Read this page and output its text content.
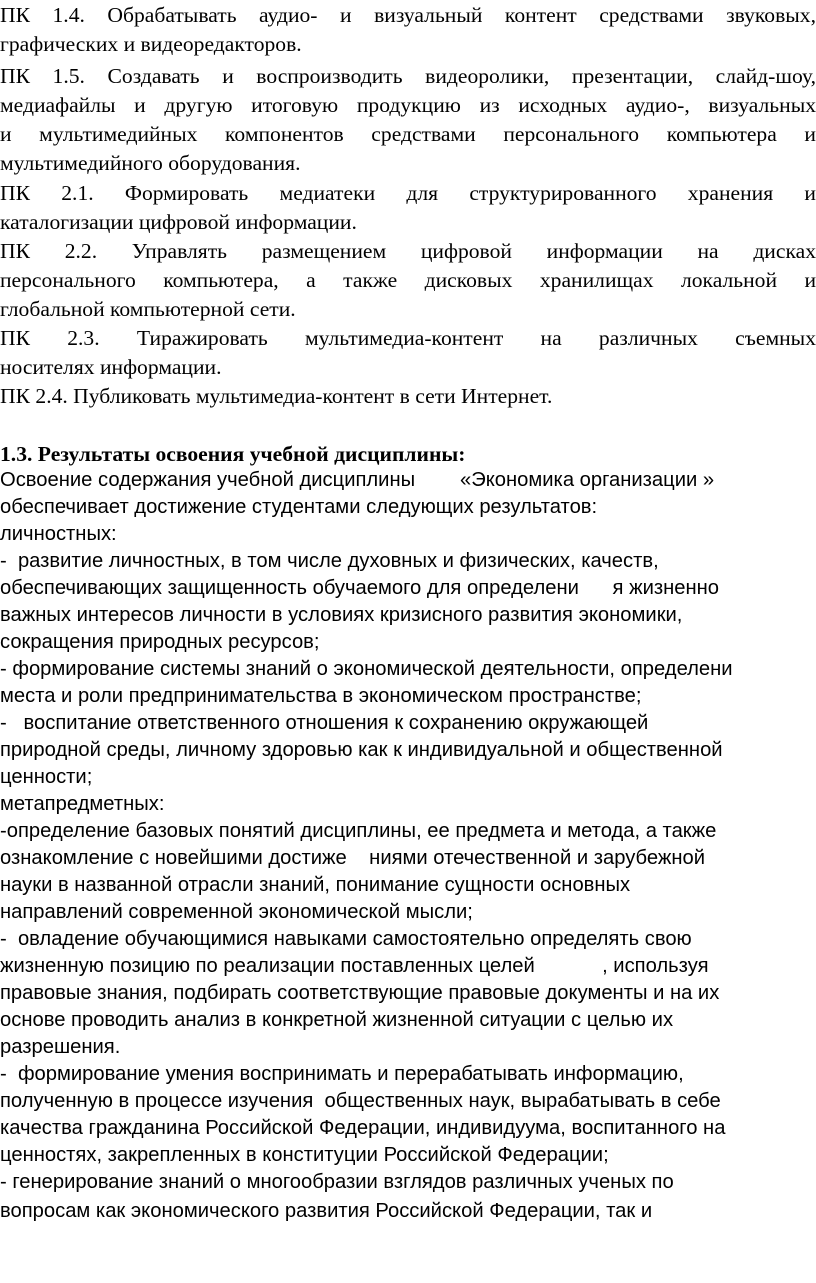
ПК 1.4. Обрабатывать аудио- и визуальный контент средствами звуковых,
графических и видеоредакторов.
ПК 1.5. Создавать и воспроизводить видеоролики, презентации, слайд-шоу,
медиафайлы и другую итоговую продукцию из исходных аудио-, визуальных
и мультимедийных компонентов средствами персонального компьютера и
мультимедийного оборудования.
ПК 2.1. Формировать медиатеки для структурированного хранения и
каталогизации цифровой информации.
ПК 2.2. Управлять размещением цифровой информации на дисках
персонального компьютера, а также дисковых хранилищах локальной и
глобальной компьютерной сети.
ПК 2.3. Тиражировать мультимедиа-контент на различных съемных
носителях информации.
ПК 2.4. Публиковать мультимедиа-контент в сети Интернет.
1.3. Результаты освоения учебной дисциплины:
Освоение содержания учебной дисциплины        «Экономика организации »
обеспечивает достижение студентами следующих результатов:
личностных:
-  развитие личностных, в том числе духовных и физических, качеств,
обеспечивающих защищенность обучаемого для определени      я жизненно
важных интересов личности в условиях кризисного развития экономики,
сокращения природных ресурсов;
- формирование системы знаний о экономической деятельности, определени
места и роли предпринимательства в экономическом пространстве;
-   воспитание ответственного отношения к сохранению окружающей
природной среды, личному здоровью как к индивидуальной и общественной
ценности;
метапредметных:
-определение базовых понятий дисциплины, ее предмета и метода, а также
ознакомление с новейшими достиже    ниями отечественной и зарубежной
науки в названной отрасли знаний, понимание сущности основных
направлений современной экономической мысли;
-  овладение обучающимися навыками самостоятельно определять свою
жизненную позицию по реализации поставленных целей            , используя
правовые знания, подбирать соответствующие правовые документы и на их
основе проводить анализ в конкретной жизненной ситуации с целью их
разрешения.
-  формирование умения воспринимать и перерабатывать информацию,
полученную в процессе изучения  общественных наук, вырабатывать в себе
качества гражданина Российской Федерации, индивидуума, воспитанного на
ценностях, закрепленных в конституции Российской Федерации;
- генерирование знаний о многообразии взглядов различных ученых по
вопросам как экономического развития Российской Федерации, так и
